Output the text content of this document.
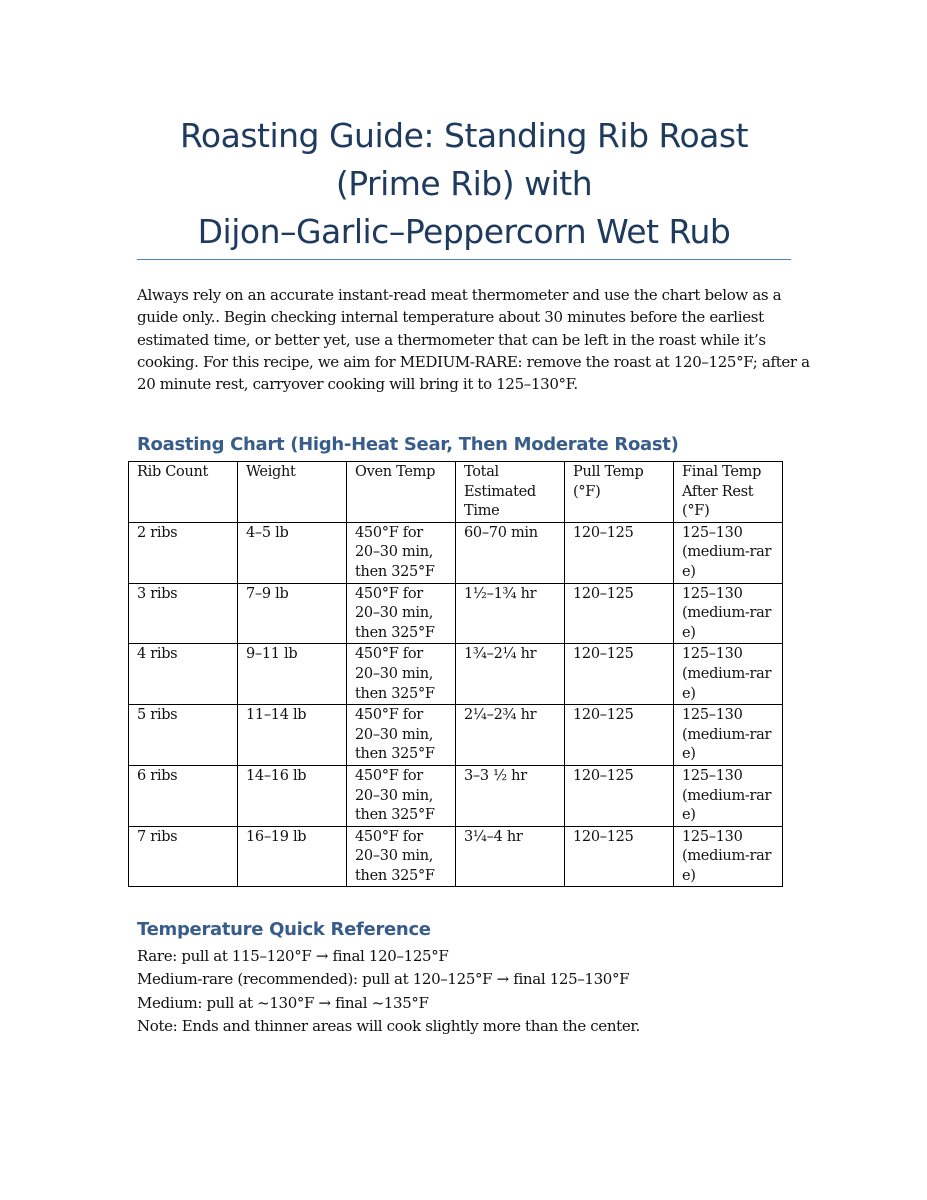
Roasting Guide: Standing Rib Roast
(Prime Rib) with
Dijon–Garlic–Peppercorn Wet Rub
Always rely on an accurate instant‑read meat thermometer and use the chart below as a
guide only.. Begin checking internal temperature about 30 minutes before the earliest
estimated time, or better yet, use a thermometer that can be left in the roast while it’s
cooking. For this recipe, we aim for MEDIUM‑RARE: remove the roast at 120–125°F; after a
20 minute rest, carryover cooking will bring it to 125–130°F.
Roasting Chart (High‑Heat Sear, Then Moderate Roast)
Rib Count	Weight	Oven Temp	Total
Estimated
Time	Pull Temp
(°F)	Final Temp
After Rest
(°F)

2 ribs	4–5 lb	450°F for
20–30 min,
then 325°F	60–70 min	120–125	125–130
(medium‑rar
e)

3 ribs	7–9 lb	450°F for
20–30 min,
then 325°F	1½–1¾ hr	120–125	125–130
(medium‑rar
e)

4 ribs	9–11 lb	450°F for
20–30 min,
then 325°F	1¾–2¼ hr	120–125	125–130
(medium‑rar
e)

5 ribs	11–14 lb	450°F for
20–30 min,
then 325°F	2¼–2¾ hr	120–125	125–130
(medium‑rar
e)

6 ribs	14–16 lb	450°F for
20–30 min,
then 325°F	3–3 ½ hr	120–125	125–130
(medium‑rar
e)

7 ribs	16–19 lb	450°F for
20–30 min,
then 325°F	3¼–4 hr	120–125	125–130
(medium‑rar
e)
Temperature Quick Reference
Rare: pull at 115–120°F → final 120–125°F
Medium‑rare (recommended): pull at 120–125°F → final 125–130°F
Medium: pull at ~130°F → final ~135°F
Note: Ends and thinner areas will cook slightly more than the center.
